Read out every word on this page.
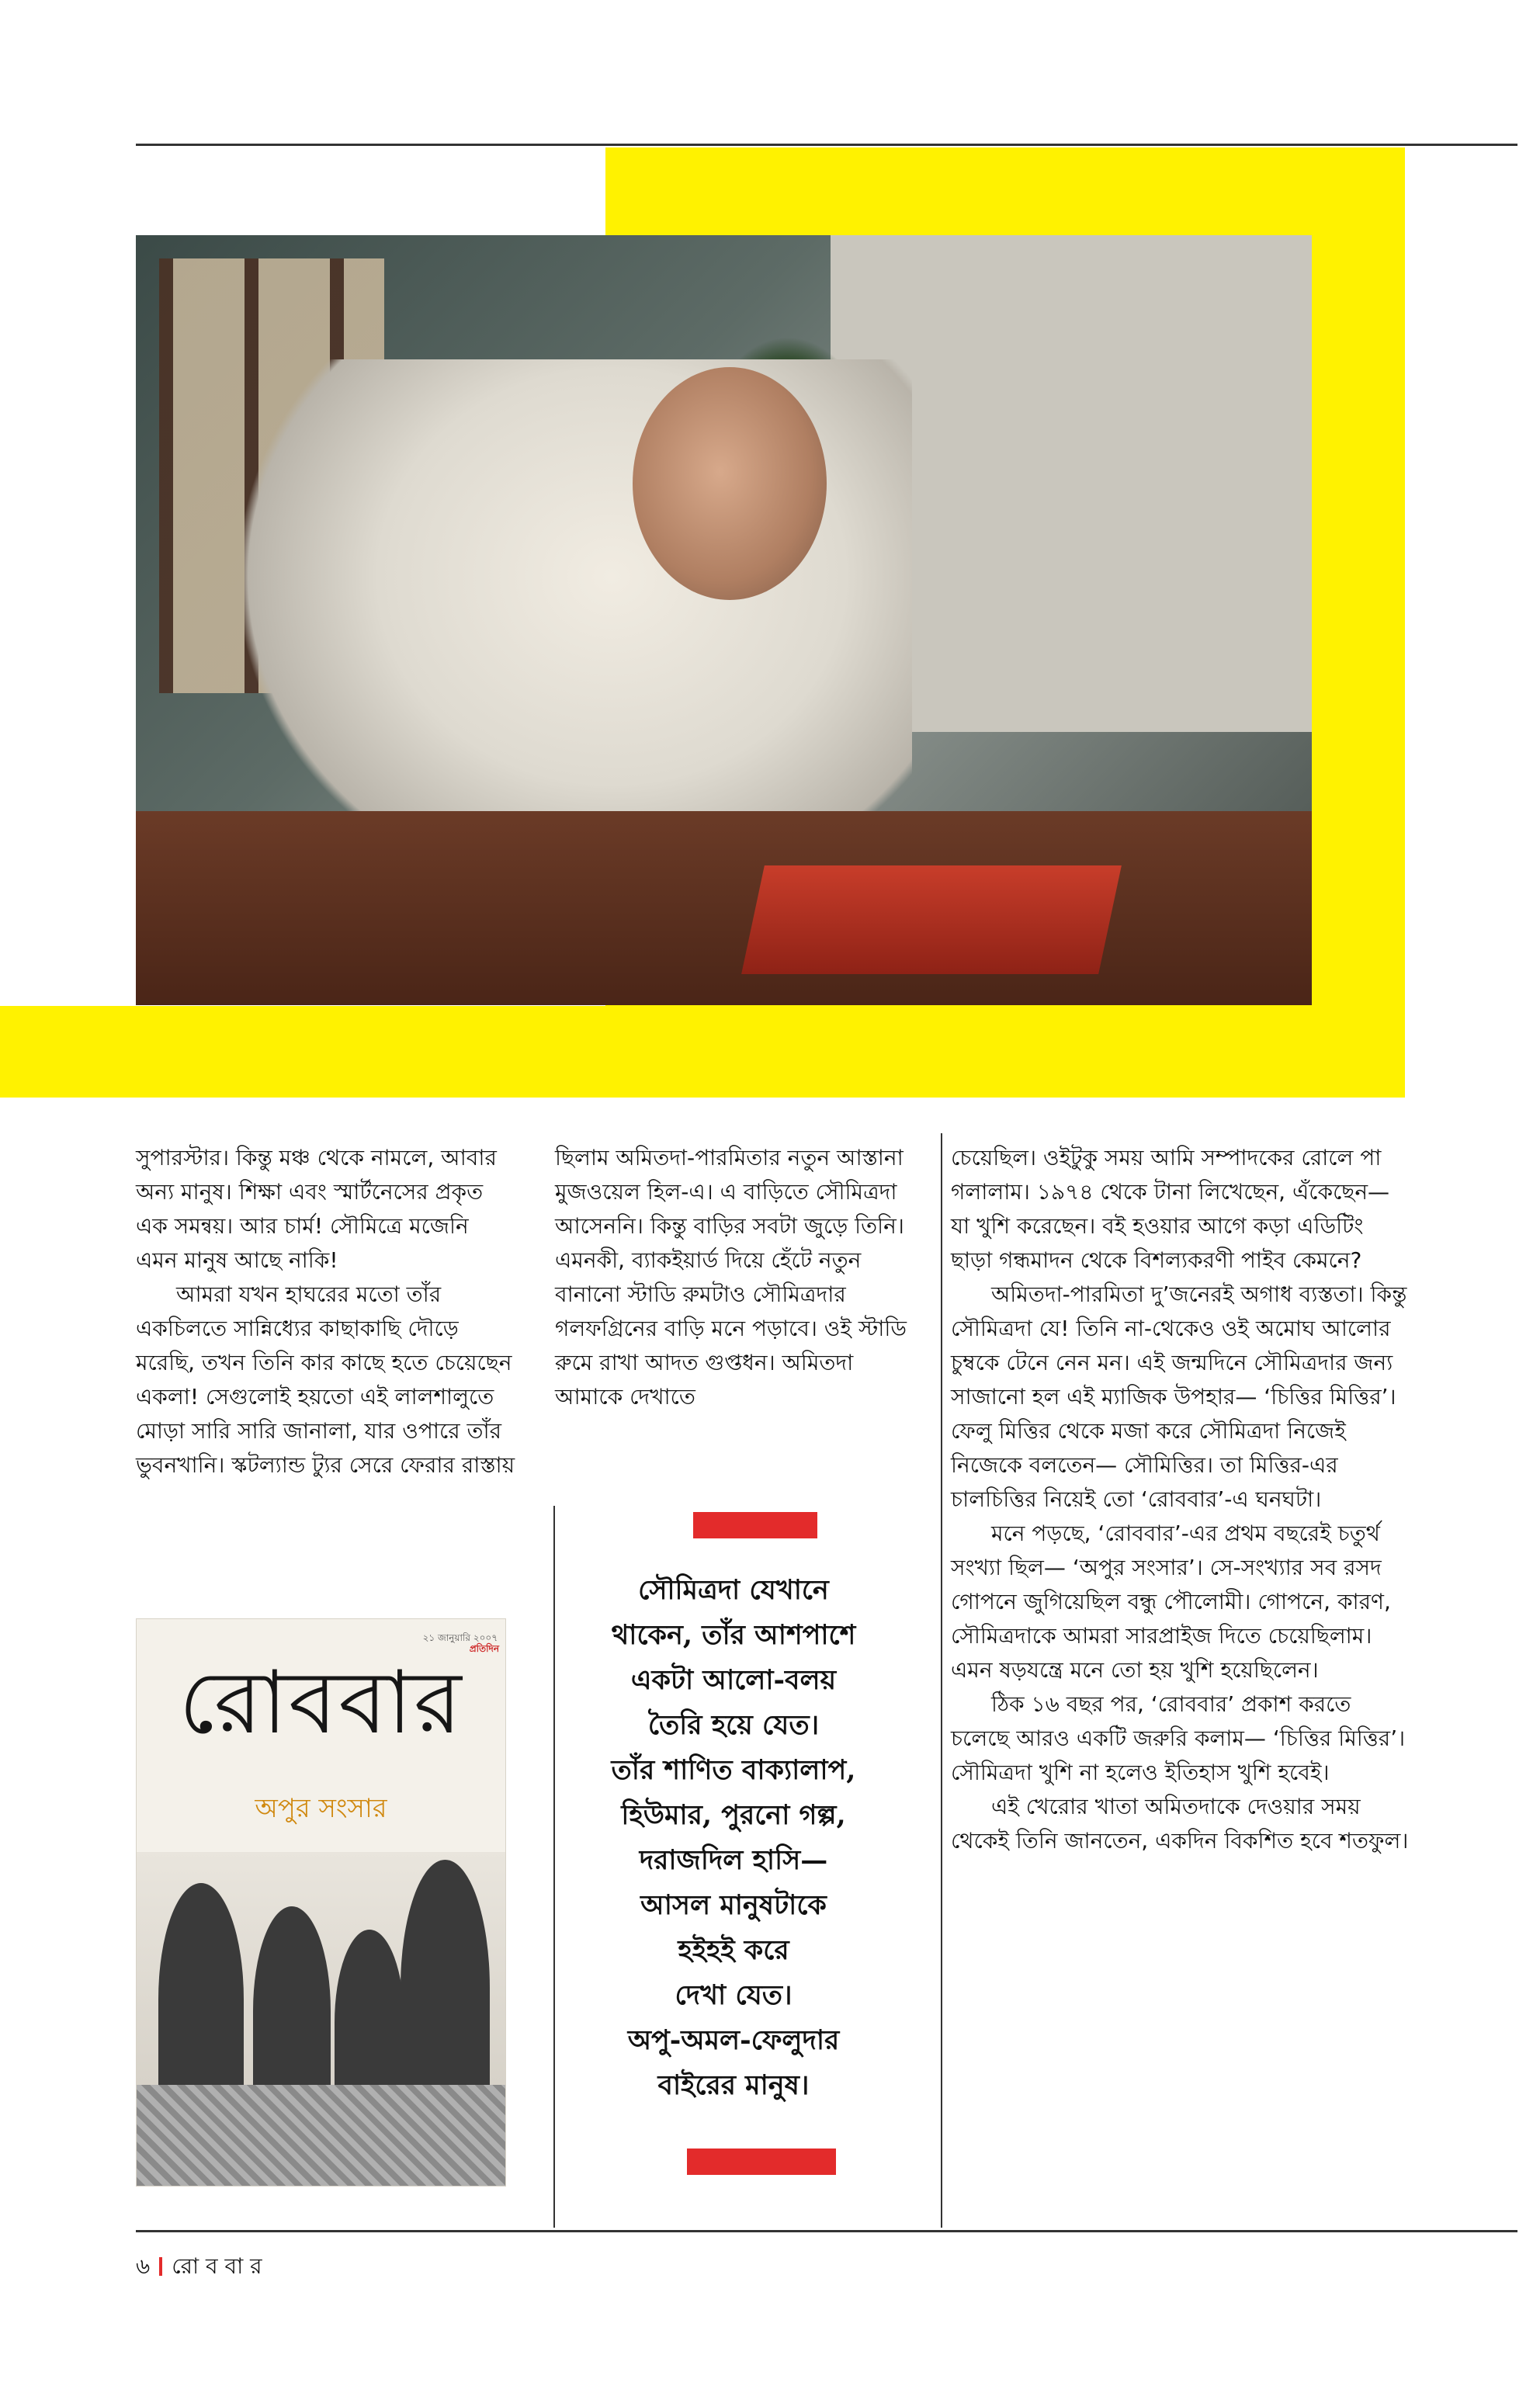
সুপারস্টার। কিন্তু মঞ্চ থেকে নামলে, আবার অন্য মানুষ। শিক্ষা এবং স্মার্টনেসের প্রকৃত এক সমন্বয়। আর চার্ম! সৌমিত্রে মজেনি এমন মানুষ আছে নাকি!

আমরা যখন হাঘরের মতো তাঁর একচিলতে সান্নিধ্যের কাছাকাছি দৌড়ে মরেছি, তখন তিনি কার কাছে হতে চেয়েছেন একলা! সেগুলোই হয়তো এই লালশালুতে মোড়া সারি সারি জানালা, যার ওপারে তাঁর ভুবনখানি। স্কটল্যান্ড ট্যুর সেরে ফেরার রাস্তায়

ছিলাম অমিতদা-পারমিতার নতুন আস্তানা মুজওয়েল হিল-এ। এ বাড়িতে সৌমিত্রদা আসেননি। কিন্তু বাড়ির সবটা জুড়ে তিনি। এমনকী, ব্যাকইয়ার্ড দিয়ে হেঁটে নতুন বানানো স্টাডি রুমটাও সৌমিত্রদার গলফগ্রিনের বাড়ি মনে পড়াবে। ওই স্টাডি রুমে রাখা আদত গুপ্তধন। অমিতদা আমাকে দেখাতে

চেয়েছিল। ওইটুকু সময় আমি সম্পাদকের রোলে পা গলালাম। ১৯৭৪ থেকে টানা লিখেছেন, এঁকেছেন— যা খুশি করেছেন। বই হওয়ার আগে কড়া এডিটিং ছাড়া গন্ধমাদন থেকে বিশল্যকরণী পাইব কেমনে?

অমিতদা-পারমিতা দু’জনেরই অগাধ ব্যস্ততা। কিন্তু সৌমিত্রদা যে! তিনি না-থেকেও ওই অমোঘ আলোর চুম্বকে টেনে নেন মন। এই জন্মদিনে সৌমিত্রদার জন্য সাজানো হল এই ম্যাজিক উপহার— ‘চিত্তির মিত্তির’। ফেলু মিত্তির থেকে মজা করে সৌমিত্রদা নিজেই নিজেকে বলতেন— সৌমিত্তির। তা মিত্তির-এর চালচিত্তির নিয়েই তো ‘রোববার’-এ ঘনঘটা।

মনে পড়ছে, ‘রোববার’-এর প্রথম বছরেই চতুর্থ সংখ্যা ছিল— ‘অপুর সংসার’। সে-সংখ্যার সব রসদ গোপনে জুগিয়েছিল বন্ধু পৌলোমী। গোপনে, কারণ, সৌমিত্রদাকে আমরা সারপ্রাইজ দিতে চেয়েছিলাম। এমন ষড়যন্ত্রে মনে তো হয় খুশি হয়েছিলেন।

ঠিক ১৬ বছর পর, ‘রোববার’ প্রকাশ করতে চলেছে আরও একটি জরুরি কলাম— ‘চিত্তির মিত্তির’। সৌমিত্রদা খুশি না হলেও ইতিহাস খুশি হবেই।

এই খেরোর খাতা অমিতদাকে দেওয়ার সময় থেকেই তিনি জানতেন, একদিন বিকশিত হবে শতফুল।

সৌমিত্রদা যেখানে
থাকেন, তাঁর আশপাশে
একটা আলো-বলয়
তৈরি হয়ে যেত।
তাঁর শাণিত বাক্যালাপ,
হিউমার, পুরনো গল্প,
দরাজদিল হাসি—
আসল মানুষটাকে
হইহই করে
দেখা যেত।
অপু-অমল-ফেলুদার
বাইরের মানুষ।
২১ জানুয়ারি ২০০৭
প্রতিদিন
রোববার
অপুর সংসার
৬ রো ব বা র
